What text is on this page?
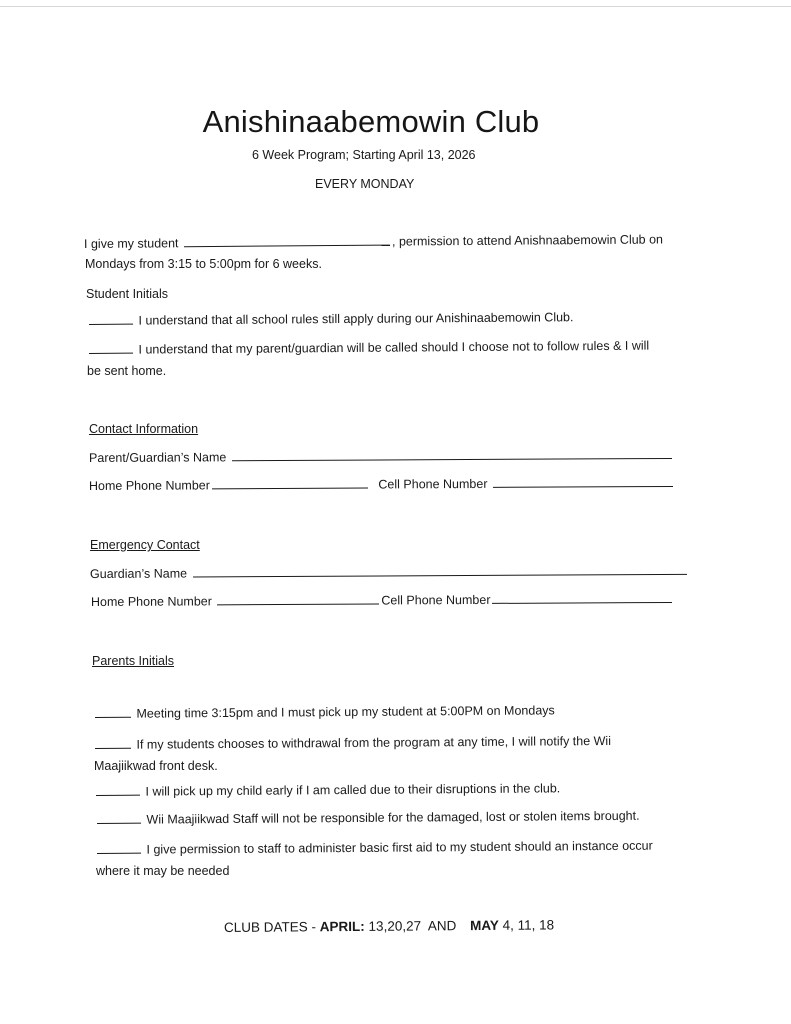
Anishinaabemowin Club
6 Week Program; Starting April 13, 2026
EVERY MONDAY
I give my student	, permission to attend Anishnaabemowin Club on
Mondays from 3:15 to 5:00pm for 6 weeks.
Student Initials
I understand that all school rules still apply during our Anishinaabemowin Club.
I understand that my parent/guardian will be called should I choose not to follow rules & I will
be sent home.
Contact Information
Parent/Guardian’s Name
Home Phone Number	Cell Phone Number
Emergency Contact
Guardian’s Name
Home Phone Number	Cell Phone Number
Parents Initials
Meeting time 3:15pm and I must pick up my student at 5:00PM on Mondays
If my students chooses to withdrawal from the program at any time, I will notify the Wii
Maajiikwad front desk.
I will pick up my child early if I am called due to their disruptions in the club.
Wii Maajiikwad Staff will not be responsible for the damaged, lost or stolen items brought.
I give permission to staff to administer basic first aid to my student should an instance occur
where it may be needed
CLUB DATES - APRIL: 13,20,27  AND MAY 4, 11, 18
